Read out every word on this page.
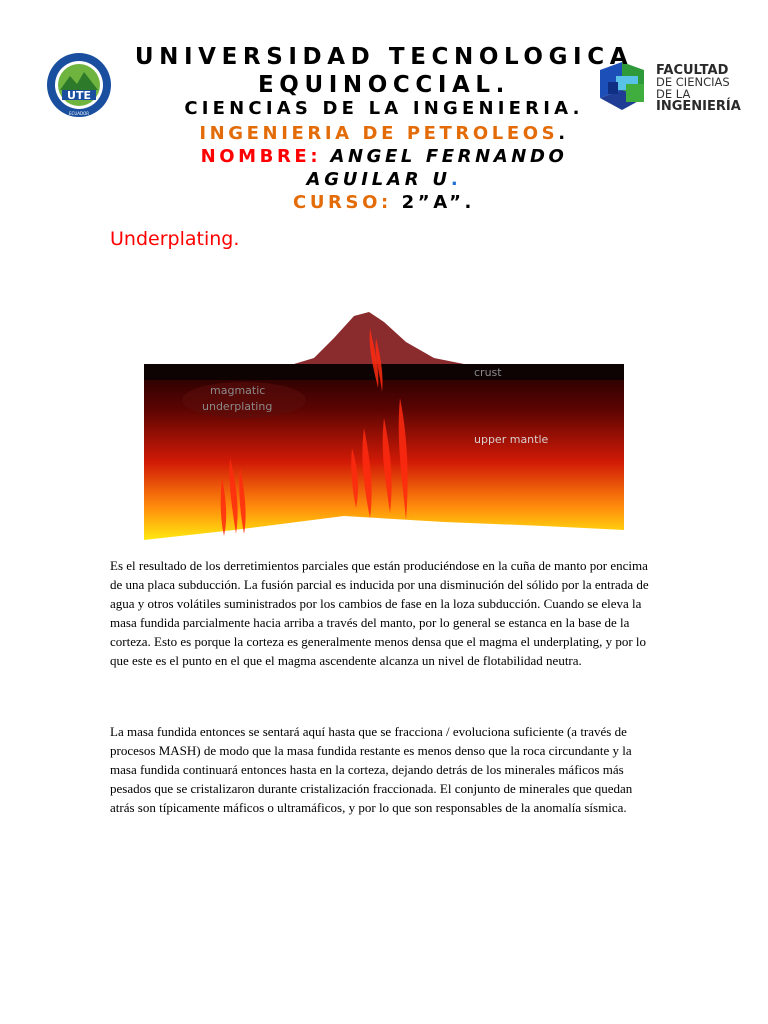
UTE
ECUADOR
FACULTAD
DE CIENCIAS
DE LA
INGENIERÍA
UNIVERSIDAD TECNOLOGICA
EQUINOCCIAL.
CIENCIAS DE LA INGENIERIA.
INGENIERIA DE PETROLEOS.
NOMBRE: ANGEL FERNANDO
AGUILAR U.
CURSO: 2”A”.
Underplating.
crust
magmatic
underplating
upper mantle

Es el resultado de los derretimientos parciales que están produciéndose en la cuña de manto por encima de una placa subducción. La fusión parcial es inducida por una disminución del sólido por la entrada de agua y otros volátiles suministrados por los cambios de fase en la loza subducción. Cuando se eleva la masa fundida parcialmente hacia arriba a través del manto, por lo general se estanca en la base de la corteza. Esto es porque la corteza es generalmente menos densa que el magma el underplating, y por lo que este es el punto en el que el magma ascendente alcanza un nivel de flotabilidad neutra.

La masa fundida entonces se sentará aquí hasta que se fracciona / evoluciona suficiente (a través de procesos MASH) de modo que la masa fundida restante es menos denso que la roca circundante y la masa fundida continuará entonces hasta en la corteza, dejando detrás de los minerales máficos más pesados que se cristalizaron durante cristalización fraccionada. El conjunto de minerales que quedan atrás son típicamente máficos o ultramáficos, y por lo que son responsables de la anomalía sísmica.
